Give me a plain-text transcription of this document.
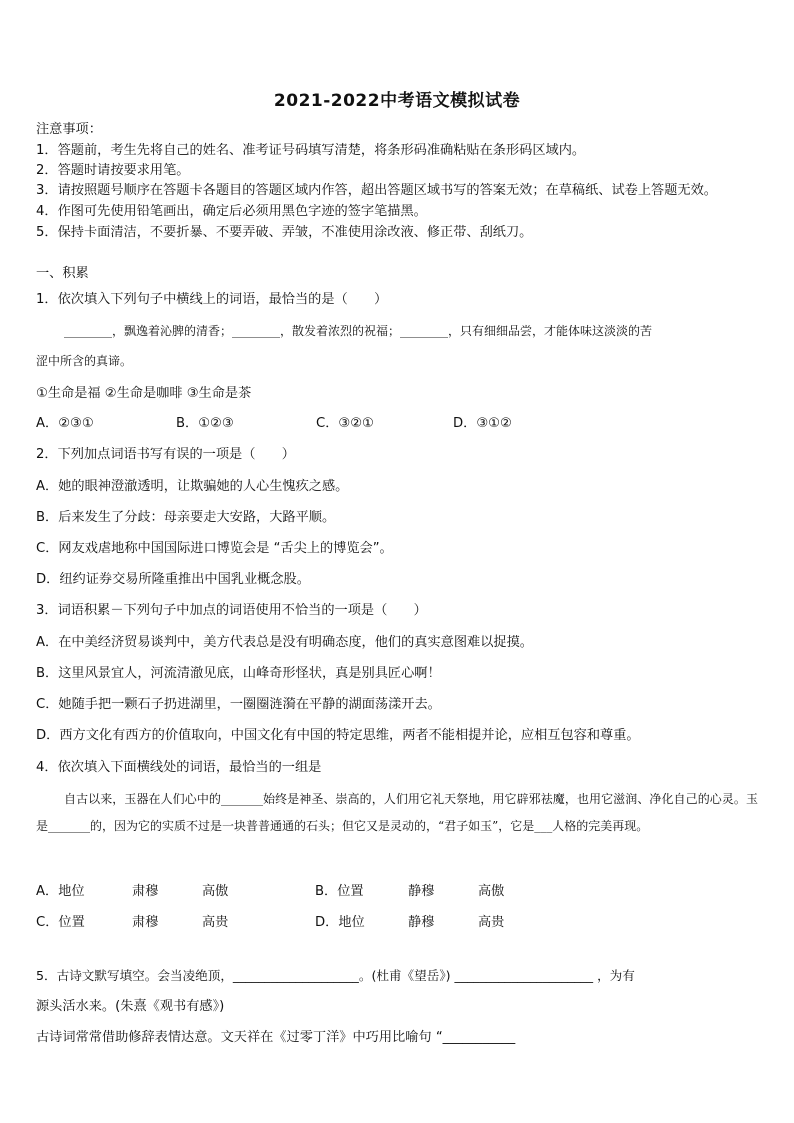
2021-2022中考语文模拟试卷
注意事项：
1．答题前，考生先将自己的姓名、准考证号码填写清楚，将条形码准确粘贴在条形码区域内。
2．答题时请按要求用笔。
3．请按照题号顺序在答题卡各题目的答题区域内作答，超出答题区域书写的答案无效；在草稿纸、试卷上答题无效。
4．作图可先使用铅笔画出，确定后必须用黑色字迹的签字笔描黑。
5．保持卡面清洁，不要折暴、不要弄破、弄皱，不准使用涂改液、修正带、刮纸刀。
一、积累
1．依次填入下列句子中横线上的词语，最恰当的是（　　）
________，飘逸着沁脾的清香；________，散发着浓烈的祝福；________，只有细细品尝，才能体味这淡淡的苦
涩中所含的真谛。
①生命是福 ②生命是咖啡 ③生命是茶
A．②③①	B．①②③	C．③②①	D．③①②
2．下列加点词语书写有误的一项是（　　）
A．她的眼神澄澈透明，让欺骗她的人心生愧疚之感。
B．后来发生了分歧：母亲要走大安路，大路平顺。
C．网友戏虐地称中国国际进口博览会是 “舌尖上的博览会”。
D．纽约证券交易所隆重推出中国乳业概念股。
3．词语积累－下列句子中加点的词语使用不恰当的一项是（　　）
A．在中美经济贸易谈判中，美方代表总是没有明确态度，他们的真实意图难以捉摸。
B．这里风景宜人，河流清澈见底，山峰奇形怪状，真是别具匠心啊！
C．她随手把一颗石子扔进湖里，一圈圈涟漪在平静的湖面荡漾开去。
D．西方文化有西方的价值取向，中国文化有中国的特定思维，两者不能相提并论，应相互包容和尊重。
4．依次填入下面横线处的词语，最恰当的一组是
自古以来，玉器在人们心中的_______始终是神圣、崇高的，人们用它礼天祭地，用它辟邪祛魔，也用它滋润、净化自己的心灵。玉是_______的，因为它的实质不过是一块普普通通的石头；但它又是灵动的，“君子如玉”，它是___人格的完美再现。
A．地位	肃穆	高傲	B．位置	静穆	高傲
C．位置	肃穆	高贵	D．地位	静穆	高贵
5．古诗文默写填空。会当凌绝顶，____________________。(杜甫《望岳》) ______________________ ，为有
源头活水来。(朱熹《观书有感》)
古诗词常常借助修辞表情达意。文天祥在《过零丁洋》中巧用比喻句 “___________
